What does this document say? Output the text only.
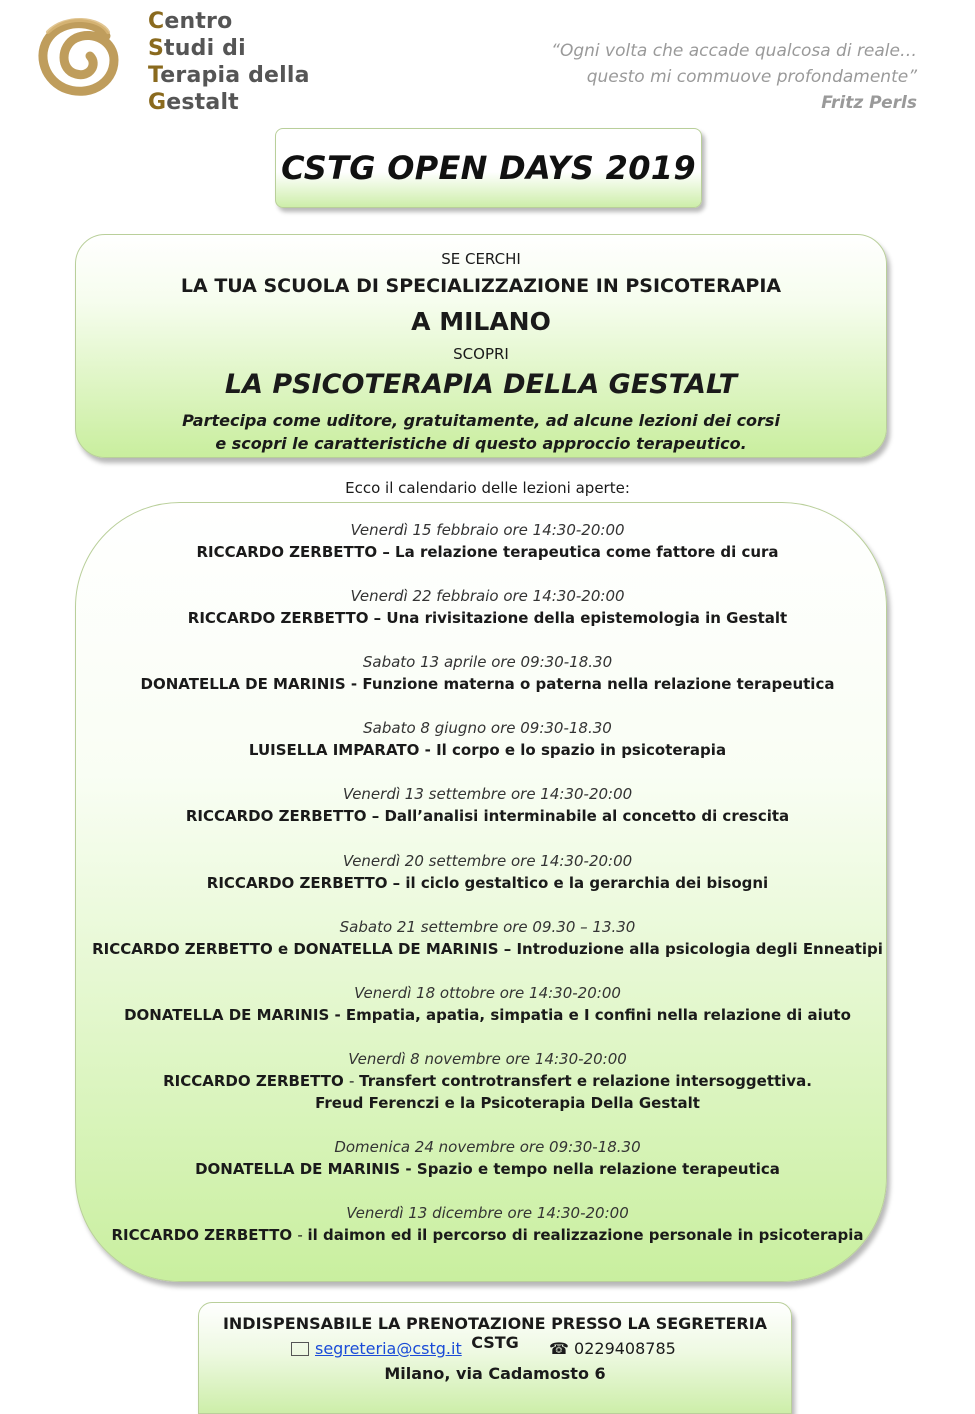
Centro
Studi di
Terapia della
Gestalt
“Ogni volta che accade qualcosa di reale…
questo mi commuove profondamente”
Fritz Perls
CSTG OPEN DAYS 2019
SE CERCHI
LA TUA SCUOLA DI SPECIALIZZAZIONE IN PSICOTERAPIA
A MILANO
SCOPRI
LA PSICOTERAPIA DELLA GESTALT
Partecipa come uditore, gratuitamente, ad alcune lezioni dei corsi
e scopri le caratteristiche di questo approccio terapeutico.
Ecco il calendario delle lezioni aperte:
Venerdì 15 febbraio ore 14:30-20:00
RICCARDO ZERBETTO – La relazione terapeutica come fattore di cura
Venerdì 22 febbraio ore 14:30-20:00
RICCARDO ZERBETTO – Una rivisitazione della epistemologia in Gestalt
Sabato 13 aprile ore 09:30-18.30
DONATELLA DE MARINIS - Funzione materna o paterna nella relazione terapeutica
Sabato 8 giugno ore 09:30-18.30
LUISELLA IMPARATO - Il corpo e lo spazio in psicoterapia
Venerdì 13 settembre ore 14:30-20:00
RICCARDO ZERBETTO – Dall’analisi interminabile al concetto di crescita
Venerdì 20 settembre ore 14:30-20:00
RICCARDO ZERBETTO – il ciclo gestaltico e la gerarchia dei bisogni
Sabato 21 settembre ore 09.30 – 13.30
RICCARDO ZERBETTO e DONATELLA DE MARINIS – Introduzione alla psicologia degli Enneatipi
Venerdì 18 ottobre ore 14:30-20:00
DONATELLA DE MARINIS - Empatia, apatia, simpatia e I confini nella relazione di aiuto
Venerdì 8 novembre ore 14:30-20:00
RICCARDO ZERBETTO - Transfert controtransfert e relazione intersoggettiva.
Freud Ferenczi e la Psicoterapia Della Gestalt
Domenica 24 novembre ore 09:30-18.30
DONATELLA DE MARINIS - Spazio e tempo nella relazione terapeutica
Venerdì 13 dicembre ore 14:30-20:00
RICCARDO ZERBETTO - il daimon ed il percorso di realizzazione personale in psicoterapia
INDISPENSABILE LA PRENOTAZIONE PRESSO LA SEGRETERIA CSTG
segreteria@cstg.it	☎ 0229408785
Milano, via Cadamosto 6
